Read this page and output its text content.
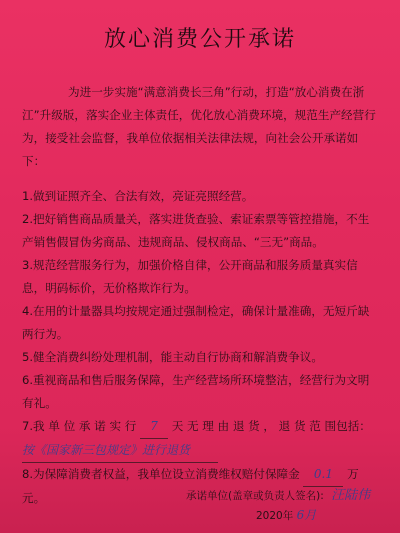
放心消费公开承诺

为进一步实施“满意消费长三角”行动，打造“放心消费在浙江”升级版，落实企业主体责任，优化放心消费环境，规范生产经营行为，接受社会监督，我单位依据相关法律法规，向社会公开承诺如下：

1.做到证照齐全、合法有效，亮证亮照经营。

2.把好销售商品质量关，落实进货查验、索证索票等管控措施，不生产销售假冒伪劣商品、违规商品、侵权商品、“三无”商品。

3.规范经营服务行为，加强价格自律，公开商品和服务质量真实信息，明码标价，无价格欺诈行为。

4.在用的计量器具均按规定通过强制检定，确保计量准确，无短斤缺两行为。

5.健全消费纠纷处理机制，能主动自行协商和解消费争议。

6.重视商品和售后服务保障，生产经营场所环境整洁，经营行为文明有礼。

7.我 单 位 承 诺 实 行 7 天 无 理 由 退 货 ， 退 货 范 围包括： 按《国家新三包规定》进行退货

8.为保障消费者权益，我单位设立消费维权赔付保障金 0.1 万元。	承诺单位(盖章或负责人签名): 汪陆伟
2020年 6月
